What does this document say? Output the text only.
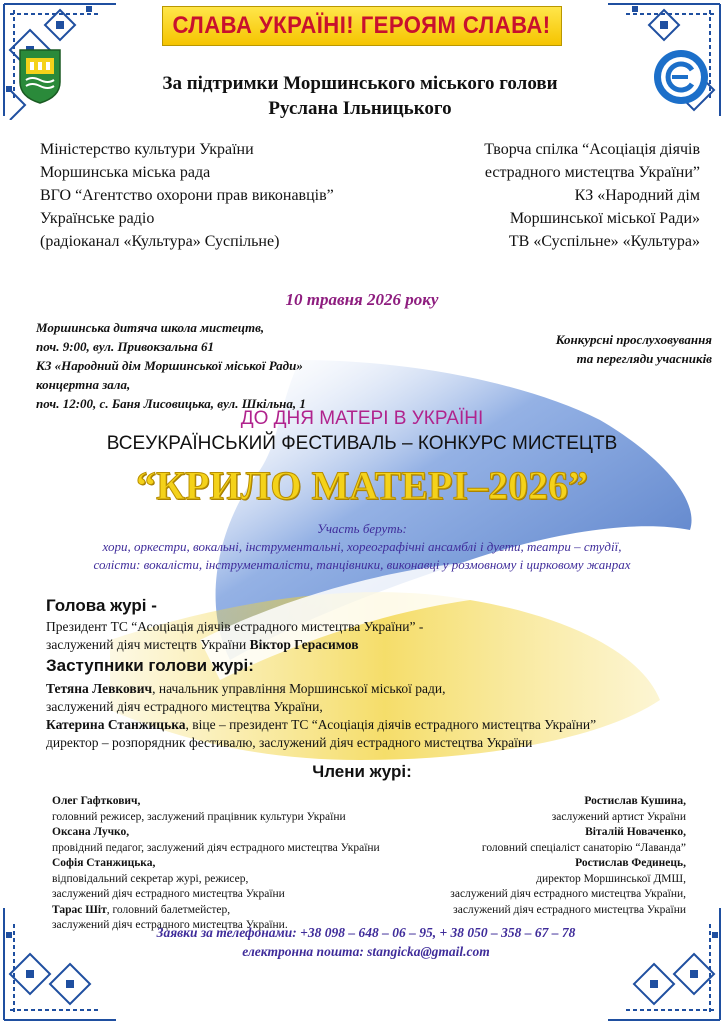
СЛАВА УКРАЇНІ! ГЕРОЯМ СЛАВА!
За підтримки Моршинського міського голови
Руслана Ільницького
Міністерство культури України
Моршинська міська рада
ВГО “Агентство охорони прав виконавців”
Українське радіо
(радіоканал «Культура» Суспільне)
Творча спілка “Асоціація діячів
естрадного мистецтва України”
КЗ «Народний дім
Моршинської міської Ради»
ТВ «Суспільне» «Культура»
10 травня 2026 року
Моршинська дитяча школа мистецтв,
поч. 9:00, вул. Привокзальна 61
КЗ «Народний дім Моршинської міської Ради»
концертна зала,
поч. 12:00, с. Баня Лисовицька, вул. Шкільна, 1
Конкурсні прослуховування
та перегляди учасників
ДО ДНЯ МАТЕРІ В УКРАЇНІ
ВСЕУКРАЇНСЬКИЙ ФЕСТИВАЛЬ – КОНКУРС МИСТЕЦТВ
“КРИЛО МАТЕРІ–2026”
Участь беруть:
хори, оркестри, вокальні, інструментальні, хореографічні ансамблі і дуети, театри – студії,
солісти: вокалісти, інструменталісти, танцівники, виконавці у розмовному і цирковому жанрах
Голова журі -
Президент ТС “Асоціація діячів естрадного мистецтва України” -
заслужений діяч мистецтв України Віктор Герасимов
Заступники голови журі:
Тетяна Левкович, начальник управління Моршинської міської ради,
заслужений діяч естрадного мистецтва України,
Катерина Станжицька, віце – президент ТС “Асоціація діячів естрадного мистецтва України”
директор – розпорядник фестивалю, заслужений діяч естрадного мистецтва України
Члени журі:
Олег Гафткович,
головний режисер, заслужений працівник культури України
Оксана Лучко,
провідний педагог, заслужений діяч естрадного мистецтва України
Софія Станжицька,
відповідальний секретар журі, режисер,
заслужений діяч естрадного мистецтва України
Тарас Шіт, головний балетмейстер,
заслужений діяч естрадного мистецтва України.
Ростислав Кушина,
заслужений артист України
Віталій Новаченко,
головний спеціаліст санаторію “Лаванда”
Ростислав Фединець,
директор Моршинської ДМШ,
заслужений діяч естрадного мистецтва України,
заслужений діяч естрадного мистецтва України
Заявки за телефонами: +38 098 – 648 – 06 – 95, + 38 050 – 358 – 67 – 78
електронна пошта: stangicka@gmail.com
